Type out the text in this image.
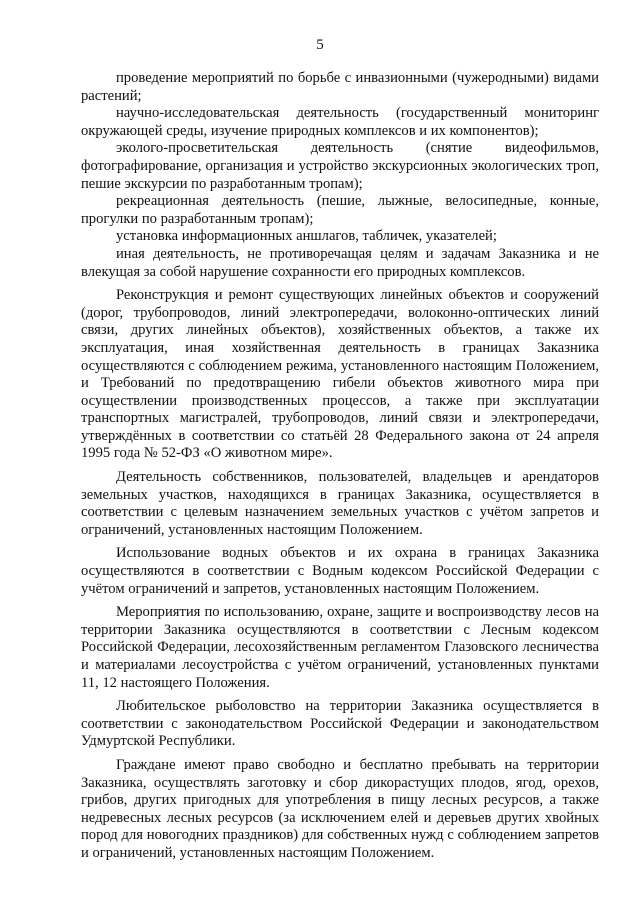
5

проведение мероприятий по борьбе с инвазионными (чужеродными) видами растений;

научно-исследовательская деятельность (государственный мониторинг окружающей среды, изучение природных комплексов и их компонентов);

эколого-просветительская деятельность (снятие видеофильмов, фотографирование, организация и устройство экскурсионных экологических троп, пешие экскурсии по разработанным тропам);

рекреационная деятельность (пешие, лыжные, велосипедные, конные, прогулки по разработанным тропам);

установка информационных аншлагов, табличек, указателей;

иная деятельность, не противоречащая целям и задачам Заказника и не влекущая за собой нарушение сохранности его природных комплексов.

Реконструкция и ремонт существующих линейных объектов и сооружений (дорог, трубопроводов, линий электропередачи, волоконно-оптических линий связи, других линейных объектов), хозяйственных объектов, а также их эксплуатация, иная хозяйственная деятельность в границах Заказника осуществляются с соблюдением режима, установленного настоящим Положением, и Требований по предотвращению гибели объектов животного мира при осуществлении производственных процессов, а также при эксплуатации транспортных магистралей, трубопроводов, линий связи и электропередачи, утверждённых в соответствии со статьёй 28 Федерального закона от 24 апреля 1995 года № 52-ФЗ «О животном мире».

Деятельность собственников, пользователей, владельцев и арендаторов земельных участков, находящихся в границах Заказника, осуществляется в соответствии с целевым назначением земельных участков с учётом запретов и ограничений, установленных настоящим Положением.

Использование водных объектов и их охрана в границах Заказника осуществляются в соответствии с Водным кодексом Российской Федерации с учётом ограничений и запретов, установленных настоящим Положением.

Мероприятия по использованию, охране, защите и воспроизводству лесов на территории Заказника осуществляются в соответствии с Лесным кодексом Российской Федерации, лесохозяйственным регламентом Глазовского лесничества и материалами лесоустройства с учётом ограничений, установленных пунктами 11, 12 настоящего Положения.

Любительское рыболовство на территории Заказника осуществляется в соответствии с законодательством Российской Федерации и законодательством Удмуртской Республики.

Граждане имеют право свободно и бесплатно пребывать на территории Заказника, осуществлять заготовку и сбор дикорастущих плодов, ягод, орехов, грибов, других пригодных для употребления в пищу лесных ресурсов, а также недревесных лесных ресурсов (за исключением елей и деревьев других хвойных пород для новогодних праздников) для собственных нужд с соблюдением запретов и ограничений, установленных настоящим Положением.
